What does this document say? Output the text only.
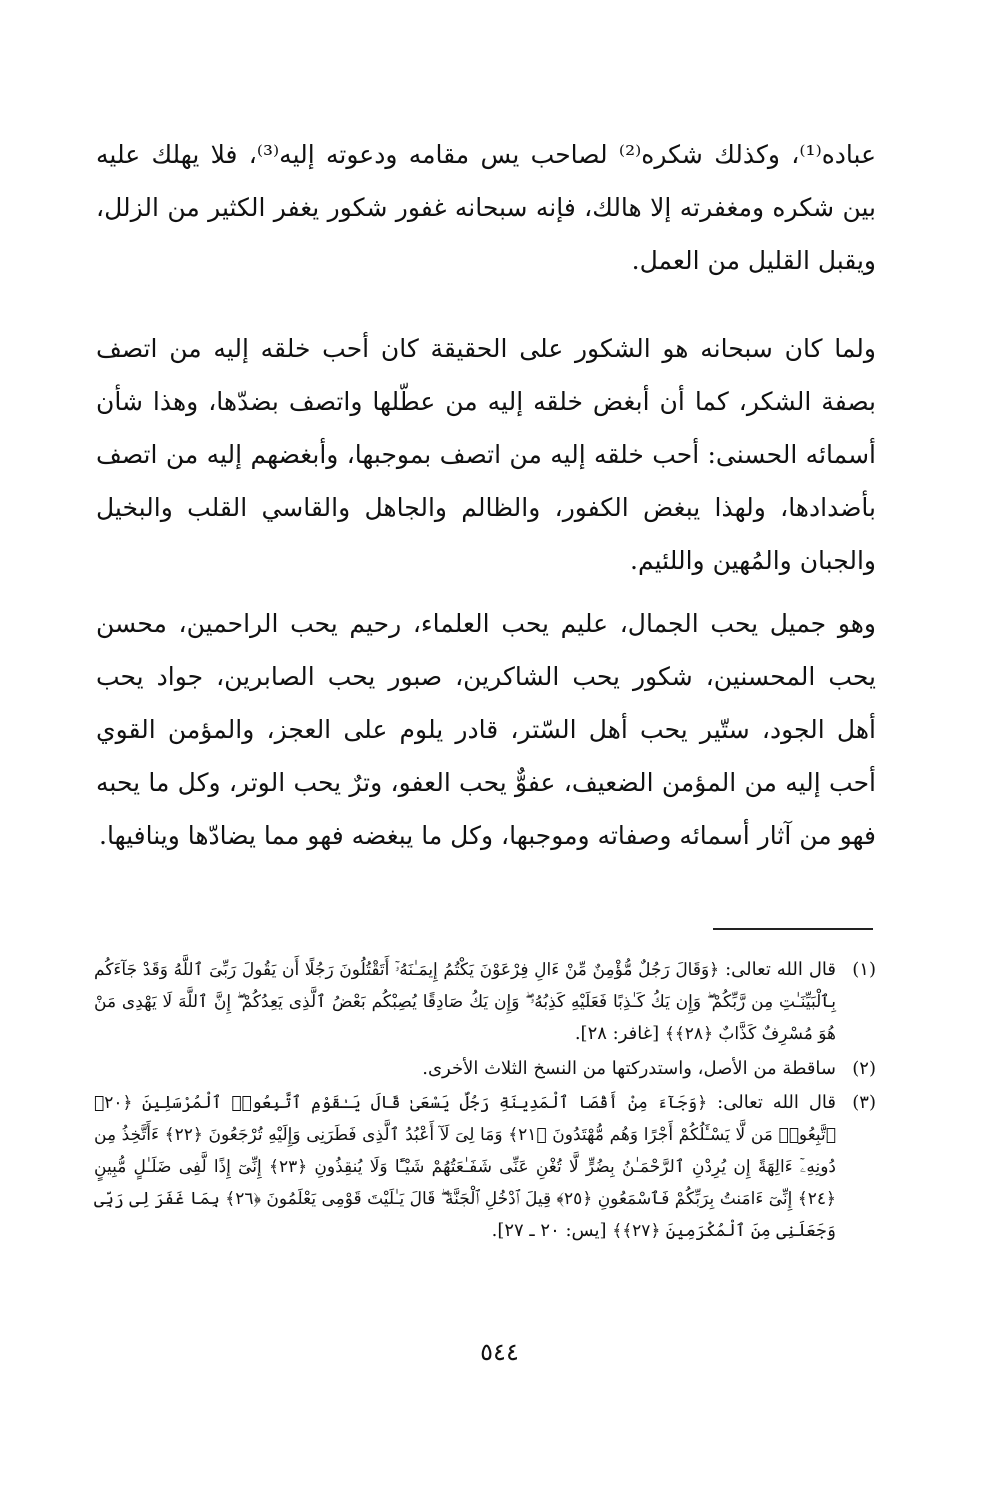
عباده⁽¹⁾، وكذلك شكره⁽²⁾ لصاحب يس مقامه ودعوته إليه⁽³⁾، فلا يهلك عليه بين شكره ومغفرته إلا هالك، فإنه سبحانه غفور شكور يغفر الكثير من الزلل، ويقبل القليل من العمل.

ولما كان سبحانه هو الشكور على الحقيقة كان أحب خلقه إليه من اتصف بصفة الشكر، كما أن أبغض خلقه إليه من عطّلها واتصف بضدّها، وهذا شأن أسمائه الحسنى: أحب خلقه إليه من اتصف بموجبها، وأبغضهم إليه من اتصف بأضدادها، ولهذا يبغض الكفور، والظالم والجاهل والقاسي القلب والبخيل والجبان والمُهين واللئيم.

وهو جميل يحب الجمال، عليم يحب العلماء، رحيم يحب الراحمين، محسن يحب المحسنين، شكور يحب الشاكرين، صبور يحب الصابرين، جواد يحب أهل الجود، ستّير يحب أهل السّتر، قادر يلوم على العجز، والمؤمن القوي أحب إليه من المؤمن الضعيف، عفوٌّ يحب العفو، وترٌ يحب الوتر، وكل ما يحبه فهو من آثار أسمائه وصفاته وموجبها، وكل ما يبغضه فهو مما يضادّها وينافيها.

(١)
قال الله تعالى: ﴿وَقَالَ رَجُلٌ مُّؤْمِنٌ مِّنْ ءَالِ فِرْعَوْنَ يَكْتُمُ إِيمَـٰنَهُۥٓ أَتَقْتُلُونَ رَجُلًا أَن يَقُولَ رَبِّىَ ٱللَّهُ وَقَدْ جَآءَكُم بِٱلْبَيِّنَـٰتِ مِن رَّبِّكُمْ ۖ وَإِن يَكُ كَـٰذِبًا فَعَلَيْهِ كَذِبُهُۥ ۖ وَإِن يَكُ صَادِقًا يُصِبْكُم بَعْضُ ٱلَّذِى يَعِدُكُمْ ۖ إِنَّ ٱللَّهَ لَا يَهْدِى مَنْ هُوَ مُسْرِفٌ كَذَّابٌ ﴿٢٨﴾﴾ [غافر: ٢٨].
(٢)
ساقطة من الأصل، واستدركتها من النسخ الثلاث الأخرى.
(٣)
قال الله تعالى: ﴿وَجَآءَ مِنْ أَقْصَا ٱلْمَدِينَةِ رَجُلٌ يَسْعَىٰ قَالَ يَـٰقَوْمِ ٱتَّبِعُوا۟ ٱلْمُرْسَلِينَ ﴿٢٠﴾ ٱتَّبِعُوا۟ مَن لَّا يَسْـَٔلُكُمْ أَجْرًا وَهُم مُّهْتَدُونَ ﴿٢١﴾ وَمَا لِىَ لَآ أَعْبُدُ ٱلَّذِى فَطَرَنِى وَإِلَيْهِ تُرْجَعُونَ ﴿٢٢﴾ ءَأَتَّخِذُ مِن دُونِهِۦٓ ءَالِهَةً إِن يُرِدْنِ ٱلرَّحْمَـٰنُ بِضُرٍّ لَّا تُغْنِ عَنِّى شَفَـٰعَتُهُمْ شَيْـًٔا وَلَا يُنقِذُونِ ﴿٢٣﴾ إِنِّىٓ إِذًا لَّفِى ضَلَـٰلٍ مُّبِينٍ ﴿٢٤﴾ إِنِّىٓ ءَامَنتُ بِرَبِّكُمْ فَٱسْمَعُونِ ﴿٢٥﴾ قِيلَ ٱدْخُلِ ٱلْجَنَّةَ ۖ قَالَ يَـٰلَيْتَ قَوْمِى يَعْلَمُونَ ﴿٢٦﴾ بِمَا غَفَرَ لِى رَبِّى وَجَعَلَنِى مِنَ ٱلْمُكْرَمِينَ ﴿٢٧﴾﴾ [يس: ٢٠ ـ ٢٧].
٥٤٤
